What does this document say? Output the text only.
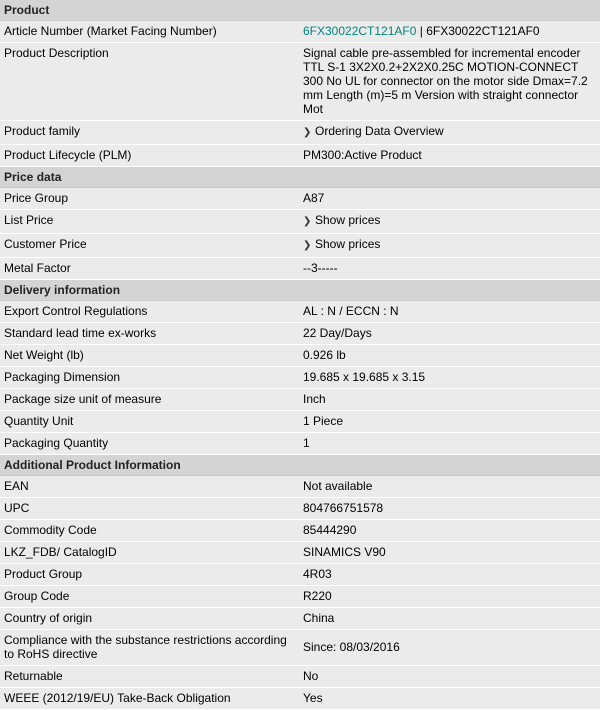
Product	
Article Number (Market Facing Number)	6FX30022CT121AF0 | 6FX30022CT121AF0
Product Description	Signal cable pre-assembled for incremental encoder
TTL S-1 3X2X0.2+2X2X0.25C MOTION-CONNECT
300 No UL for connector on the motor side Dmax=7.2
mm Length (m)=5 m Version with straight connector
Mot

Product family	❯ Ordering Data Overview
Product Lifecycle (PLM)	PM300:Active Product
Price data	
Price Group	A87
List Price	❯ Show prices
Customer Price	❯ Show prices
Metal Factor	--3-----
Delivery information	
Export Control Regulations	AL : N / ECCN : N
Standard lead time ex-works	22 Day/Days
Net Weight (lb)	0.926 lb
Packaging Dimension	19.685 x 19.685 x 3.15
Package size unit of measure	Inch
Quantity Unit	1 Piece
Packaging Quantity	1
Additional Product Information	
EAN	Not available
UPC	804766751578
Commodity Code	85444290
LKZ_FDB/ CatalogID	SINAMICS V90
Product Group	4R03
Group Code	R220
Country of origin	China

Compliance with the substance restrictions according
to RoHS directive	Since: 08/03/2016
Returnable	No
WEEE (2012/19/EU) Take-Back Obligation	Yes
